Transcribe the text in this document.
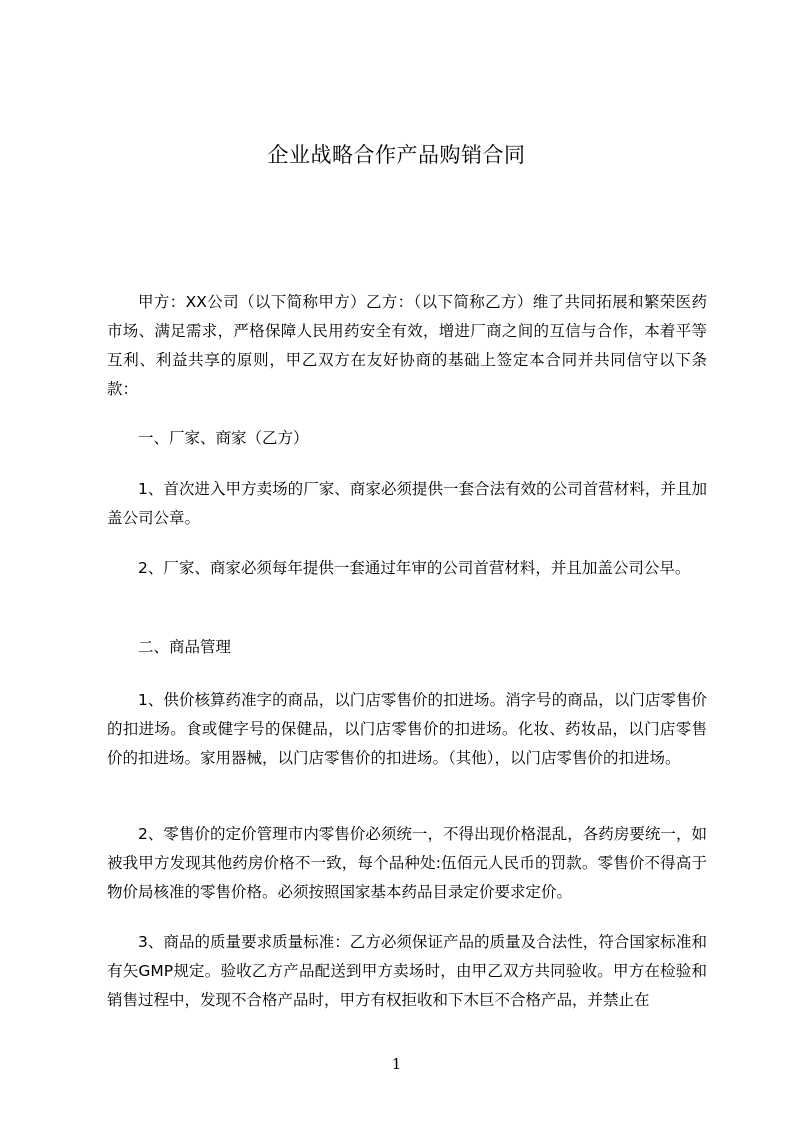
企业战略合作产品购销合同

甲方：XX公司（以下简称甲方）乙方：（以下简称乙方）维了共同拓展和繁荣医药市场、满足需求，严格保障人民用药安全有效，增进厂商之间的互信与合作，本着平等互利、利益共享的原则，甲乙双方在友好协商的基础上签定本合同并共同信守以下条款：

一、厂家、商家（乙方）

1、首次进入甲方卖场的厂家、商家必须提供一套合法有效的公司首营材料，并且加盖公司公章。

2、厂家、商家必须每年提供一套通过年审的公司首营材料，并且加盖公司公早。

二、商品管理

1、供价核算药准字的商品，以门店零售价的扣进场。消字号的商品，以门店零售价的扣进场。食或健字号的保健品，以门店零售价的扣进场。化妆、药妆品，以门店零售价的扣进场。家用器械，以门店零售价的扣进场。（其他），以门店零售价的扣进场。

2、零售价的定价管理市内零售价必须统一，不得出现价格混乱，各药房要统一，如被我甲方发现其他药房价格不一致，每个品种处:伍佰元人民币的罚款。零售价不得高于物价局核准的零售价格。必须按照国家基本药品目录定价要求定价。

3、商品的质量要求质量标准：乙方必须保证产品的质量及合法性，符合国家标准和有矢GMP规定。验收乙方产品配送到甲方卖场时，由甲乙双方共同验收。甲方在检验和销售过程中，发现不合格产品时，甲方有权拒收和下木巨不合格产品，并禁止在

1
